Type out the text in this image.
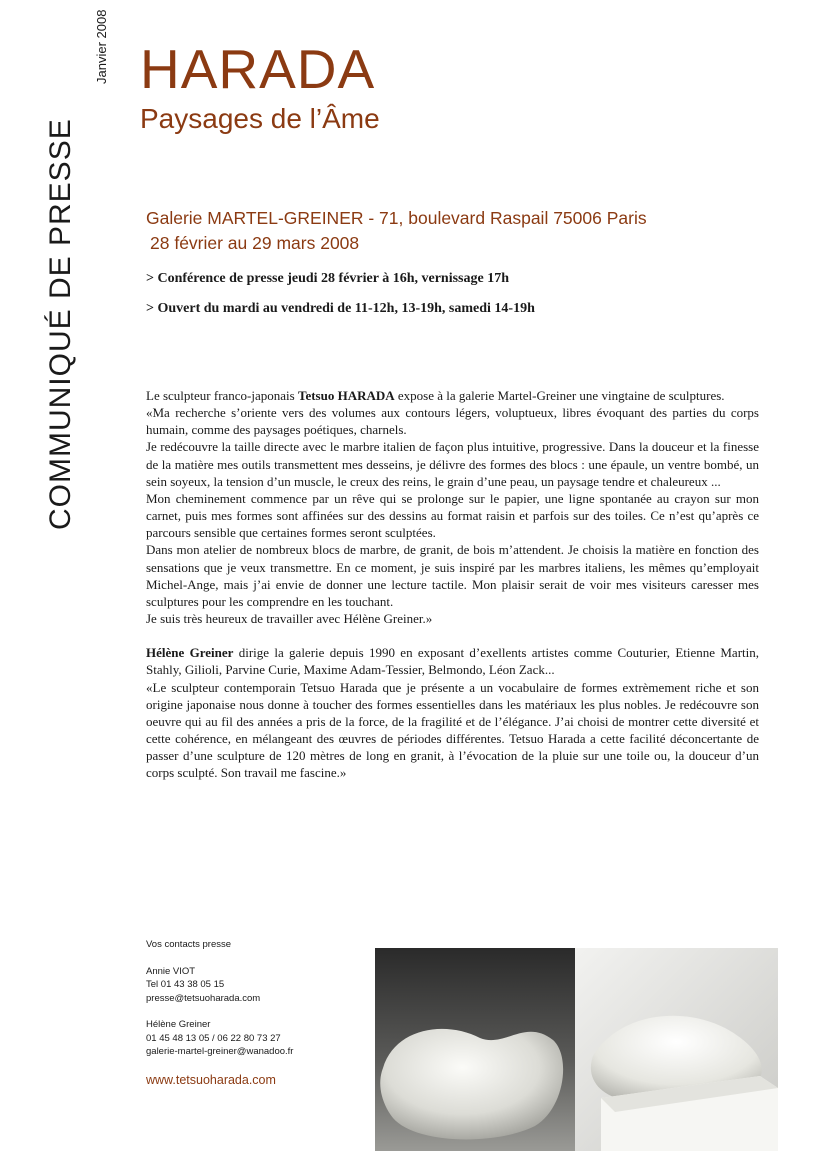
COMMUNIQUÉ DE PRESSE
Janvier 2008 HARADA
Paysages de l’Âme
Galerie MARTEL-GREINER - 71, boulevard Raspail 75006 Paris
28 février au 29 mars 2008
> Conférence de presse jeudi 28 février à 16h, vernissage 17h
> Ouvert du mardi au vendredi de 11-12h, 13-19h, samedi 14-19h

Le sculpteur franco-japonais Tetsuo HARADA expose à la galerie Martel-Greiner une vingtaine de sculptures.

«Ma recherche s’oriente vers des volumes aux contours légers, voluptueux, libres évoquant des parties du corps humain, comme des paysages poétiques, charnels.

Je redécouvre la taille directe avec le marbre italien de façon plus intuitive, progressive. Dans la douceur et la finesse de la matière mes outils transmettent mes desseins, je délivre des formes des blocs : une épaule, un ventre bombé, un sein soyeux, la tension d’un muscle, le creux des reins, le grain d’une peau, un paysage tendre et chaleureux ...

Mon cheminement commence par un rêve qui se prolonge sur le papier, une ligne spontanée au crayon sur mon carnet, puis mes formes sont affinées sur des dessins au format raisin et parfois sur des toiles. Ce n’est qu’après ce parcours sensible que certaines formes seront sculptées.

Dans mon atelier de nombreux blocs de marbre, de granit, de bois m’attendent. Je choisis la matière en fonction des sensations que je veux transmettre. En ce moment, je suis inspiré par les marbres italiens, les mêmes qu’employait Michel-Ange, mais j’ai envie de donner une lecture tactile. Mon plaisir serait de voir mes visiteurs caresser mes sculptures pour les comprendre en les touchant.

Je suis très heureux de travailler avec Hélène Greiner.»

Hélène Greiner dirige la galerie depuis 1990 en exposant d’exellents artistes comme Couturier, Etienne Martin, Stahly, Gilioli, Parvine Curie, Maxime Adam-Tessier, Belmondo, Léon Zack...

«Le sculpteur contemporain Tetsuo Harada que je présente a un vocabulaire de formes extrèmement riche et son origine japonaise nous donne à toucher des formes essentielles dans les matériaux les plus nobles. Je redécouvre son oeuvre qui au fil des années a pris de la force, de la fragilité et de l’élégance. J’ai choisi de montrer cette diversité et cette cohérence, en mélangeant des œuvres de périodes différentes. Tetsuo Harada a cette facilité déconcertante de passer d’une sculpture de 120 mètres de long en granit, à l’évocation de la pluie sur une toile ou, la douceur d’un corps sculpté. Son travail me fascine.»

Vos contacts presse
Annie VIOT
Tel 01 43 38 05 15
presse@tetsuoharada.com
Hélène Greiner
01 45 48 13 05 / 06 22 80 73 27
galerie-martel-greiner@wanadoo.fr
www.tetsuoharada.com
